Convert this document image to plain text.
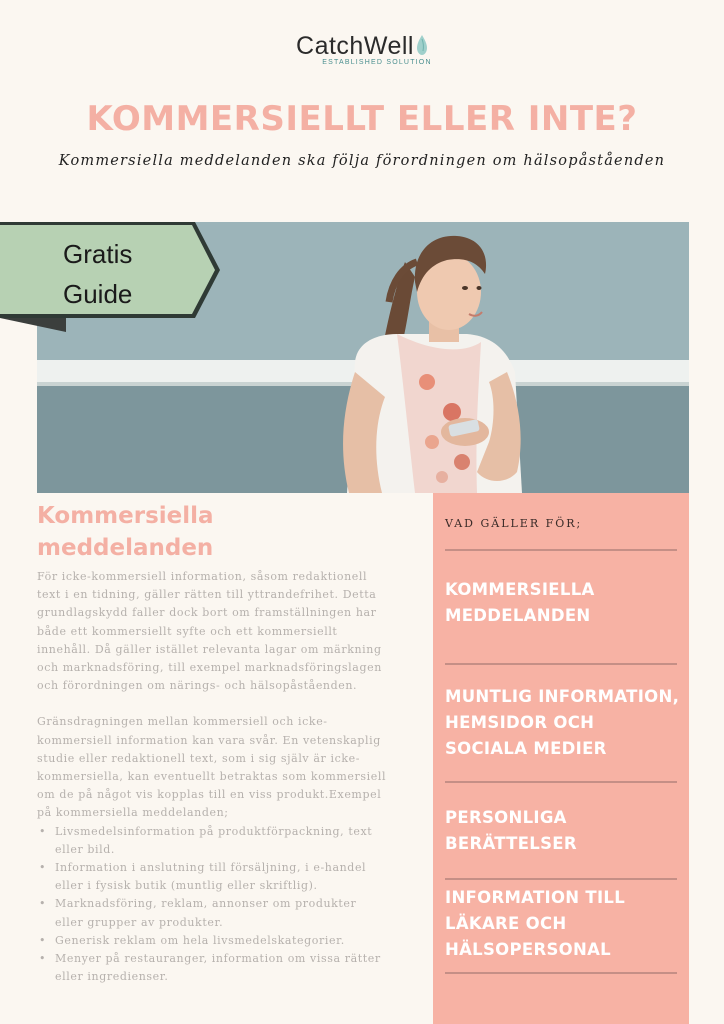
CatchWell
ESTABLISHED SOLUTION
KOMMERSIELLT ELLER INTE?
Kommersiella meddelanden ska följa förordningen om hälsopåståenden
Gratis
Guide
Kommersiella
meddelanden

För icke-kommersiell information, såsom redaktionell text i en tidning, gäller rätten till yttrandefrihet. Detta grundlagskydd faller dock bort om framställningen har både ett kommersiellt syfte och ett kommersiellt innehåll. Då gäller istället relevanta lagar om märkning och marknadsföring, till exempel marknadsföringslagen och förordningen om närings- och hälsopåståenden.

Gränsdragningen mellan kommersiell och icke-kommersiell information kan vara svår. En vetenskaplig studie eller redaktionell text, som i sig själv är icke-kommersiella, kan eventuellt betraktas som kommersiell om de på något vis kopplas till en viss produkt.Exempel på kommersiella meddelanden;

• Livsmedelsinformation på produktförpackning, text eller bild.
• Information i anslutning till försäljning, i e-handel eller i fysisk butik (muntlig eller skriftlig).
• Marknadsföring, reklam, annonser om produkter eller grupper av produkter.
• Generisk reklam om hela livsmedelskategorier.
• Menyer på restauranger, information om vissa rätter eller ingredienser.
VAD GÄLLER FÖR;
KOMMERSIELLA MEDDELANDEN
MUNTLIG INFORMATION, HEMSIDOR OCH SOCIALA MEDIER
PERSONLIGA BERÄTTELSER
INFORMATION TILL LÄKARE OCH HÄLSOPERSONAL
